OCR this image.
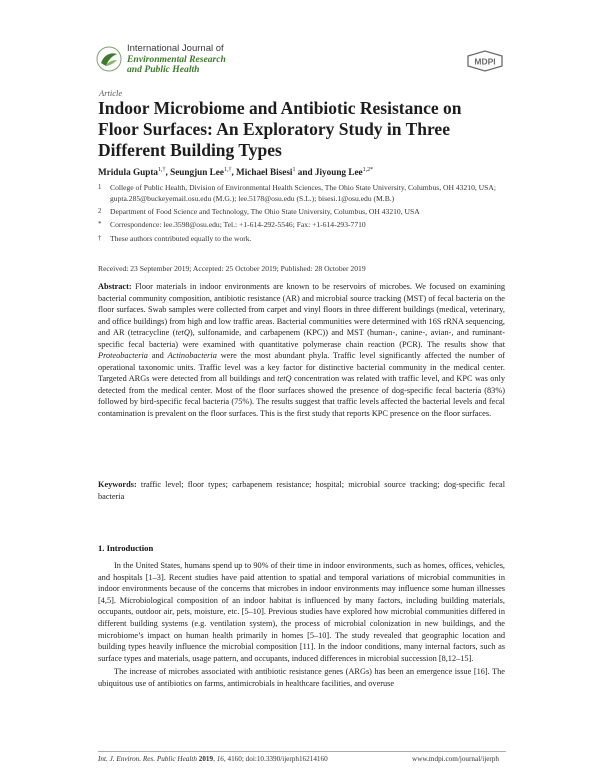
International Journal of
Environmental Research
and Public Health
MDPI
Article
Indoor Microbiome and Antibiotic Resistance on Floor Surfaces: An Exploratory Study in Three Different Building Types
Mridula Gupta$^{1,\dagger}$, Seungjun Lee$^{1,\dagger}$, Michael Bisesi$^1$ and Jiyoung Lee$^{1,2*}$
1	College of Public Health, Division of Environmental Health Sciences, The Ohio State University, Columbus, OH 43210, USA; gupta.285@buckeyemail.osu.edu (M.G.); lee.5178@osu.edu (S.L.); bisesi.1@osu.edu (M.B.)
2	Department of Food Science and Technology, The Ohio State University, Columbus, OH 43210, USA
*	Correspondence: lee.3598@osu.edu; Tel.: +1-614-292-5546; Fax: +1-614-293-7710
†	These authors contributed equally to the work.
Received: 23 September 2019; Accepted: 25 October 2019; Published: 28 October 2019

Abstract: Floor materials in indoor environments are known to be reservoirs of microbes. We focused on examining bacterial community composition, antibiotic resistance (AR) and microbial source tracking (MST) of fecal bacteria on the floor surfaces. Swab samples were collected from carpet and vinyl floors in three different buildings (medical, veterinary, and office buildings) from high and low traffic areas. Bacterial communities were determined with 16S rRNA sequencing, and AR (tetracycline (tetQ), sulfonamide, and carbapenem (KPC)) and MST (human-, canine-, avian-, and ruminant-specific fecal bacteria) were examined with quantitative polymerase chain reaction (PCR). The results show that Proteobacteria and Actinobacteria were the most abundant phyla. Traffic level significantly affected the number of operational taxonomic units. Traffic level was a key factor for distinctive bacterial community in the medical center. Targeted ARGs were detected from all buildings and tetQ concentration was related with traffic level, and KPC was only detected from the medical center. Most of the floor surfaces showed the presence of dog-specific fecal bacteria (83%) followed by bird-specific fecal bacteria (75%). The results suggest that traffic levels affected the bacterial levels and fecal contamination is prevalent on the floor surfaces. This is the first study that reports KPC presence on the floor surfaces.

Keywords: traffic level; floor types; carbapenem resistance; hospital; microbial source tracking; dog-specific fecal bacteria

1. Introduction

In the United States, humans spend up to 90% of their time in indoor environments, such as homes, offices, vehicles, and hospitals [1–3]. Recent studies have paid attention to spatial and temporal variations of microbial communities in indoor environments because of the concerns that microbes in indoor environments may influence some human illnesses [4,5]. Microbiological composition of an indoor habitat is influenced by many factors, including building materials, occupants, outdoor air, pets, moisture, etc. [5–10]. Previous studies have explored how microbial communities differed in different building systems (e.g. ventilation system), the process of microbial colonization in new buildings, and the microbiome’s impact on human health primarily in homes [5–10]. The study revealed that geographic location and building types heavily influence the microbial composition [11]. In the indoor conditions, many internal factors, such as surface types and materials, usage pattern, and occupants, induced differences in microbial succession [8,12–15].

The increase of microbes associated with antibiotic resistance genes (ARGs) has been an emergence issue [16]. The ubiquitous use of antibiotics on farms, antimicrobials in healthcare facilities, and overuse

Int. J. Environ. Res. Public Health 2019, 16, 4160; doi:10.3390/ijerph16214160	www.mdpi.com/journal/ijerph
